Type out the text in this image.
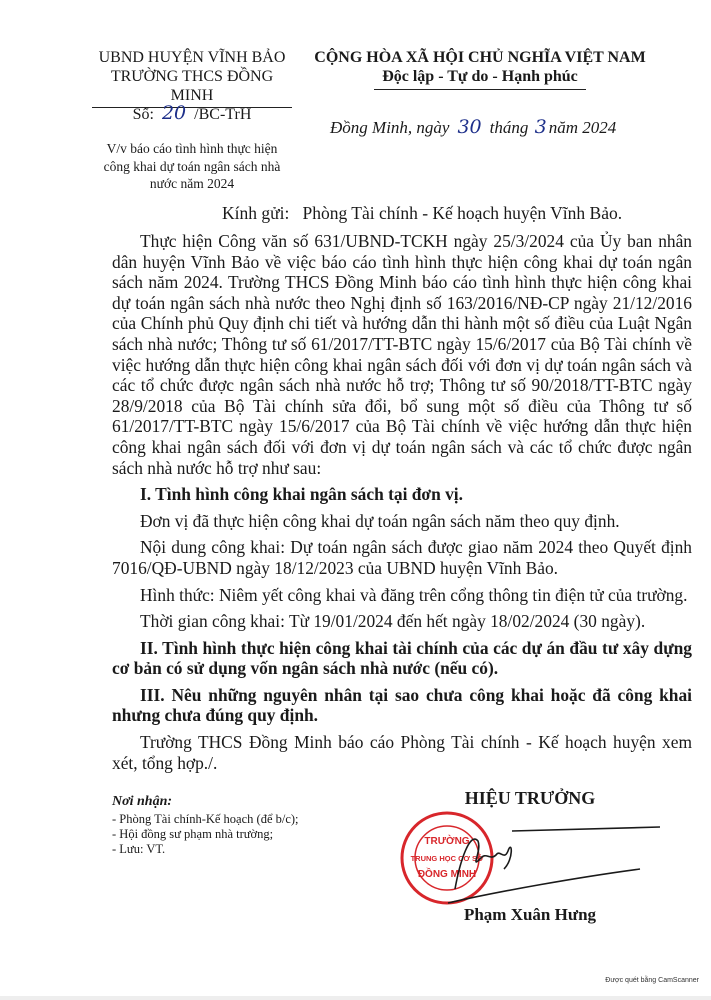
UBND HUYỆN VĨNH BẢO
TRƯỜNG THCS ĐỒNG MINH
CỘNG HÒA XÃ HỘI CHỦ NGHĨA VIỆT NAM
Độc lập - Tự do - Hạnh phúc
Số: 20 /BC-TrH
V/v báo cáo tình hình thực hiện công khai dự toán ngân sách nhà nước năm 2024
Đồng Minh, ngày 30 tháng 3 năm 2024
Kính gửi:   Phòng Tài chính - Kế hoạch huyện Vĩnh Bảo.

Thực hiện Công văn số 631/UBND-TCKH ngày 25/3/2024 của Ủy ban nhân dân huyện Vĩnh Bảo về việc báo cáo tình hình thực hiện công khai dự toán ngân sách năm 2024. Trường THCS Đồng Minh báo cáo tình hình thực hiện công khai dự toán ngân sách nhà nước theo Nghị định số 163/2016/NĐ-CP ngày 21/12/2016 của Chính phủ Quy định chi tiết và hướng dẫn thi hành một số điều của Luật Ngân sách nhà nước; Thông tư số 61/2017/TT-BTC ngày 15/6/2017 của Bộ Tài chính về việc hướng dẫn thực hiện công khai ngân sách đối với đơn vị dự toán ngân sách và các tổ chức được ngân sách nhà nước hỗ trợ; Thông tư số 90/2018/TT-BTC ngày 28/9/2018 của Bộ Tài chính sửa đổi, bổ sung một số điều của Thông tư số 61/2017/TT-BTC ngày 15/6/2017 của Bộ Tài chính về việc hướng dẫn thực hiện công khai ngân sách đối với đơn vị dự toán ngân sách và các tổ chức được ngân sách nhà nước hỗ trợ như sau:

I. Tình hình công khai ngân sách tại đơn vị.

Đơn vị đã thực hiện công khai dự toán ngân sách năm theo quy định.

Nội dung công khai: Dự toán ngân sách được giao năm 2024 theo Quyết định 7016/QĐ-UBND ngày 18/12/2023 của UBND huyện Vĩnh Bảo.

Hình thức: Niêm yết công khai và đăng trên cổng thông tin điện tử của trường.

Thời gian công khai: Từ 19/01/2024 đến hết ngày 18/02/2024 (30 ngày).

II. Tình hình thực hiện công khai tài chính của các dự án đầu tư xây dựng cơ bản có sử dụng vốn ngân sách nhà nước (nếu có).

III. Nêu những nguyên nhân tại sao chưa công khai hoặc đã công khai nhưng chưa đúng quy định.

Trường THCS Đồng Minh báo cáo Phòng Tài chính - Kế hoạch huyện xem xét, tổng hợp./.

Nơi nhận:
- Phòng Tài chính-Kế hoạch (để b/c);
- Hội đồng sư phạm nhà trường;
- Lưu: VT.
HIỆU TRƯỞNG
TRƯỜNG
TRUNG HỌC CƠ SỞ
ĐỒNG MINH
Phạm Xuân Hưng
Được quét bằng CamScanner
